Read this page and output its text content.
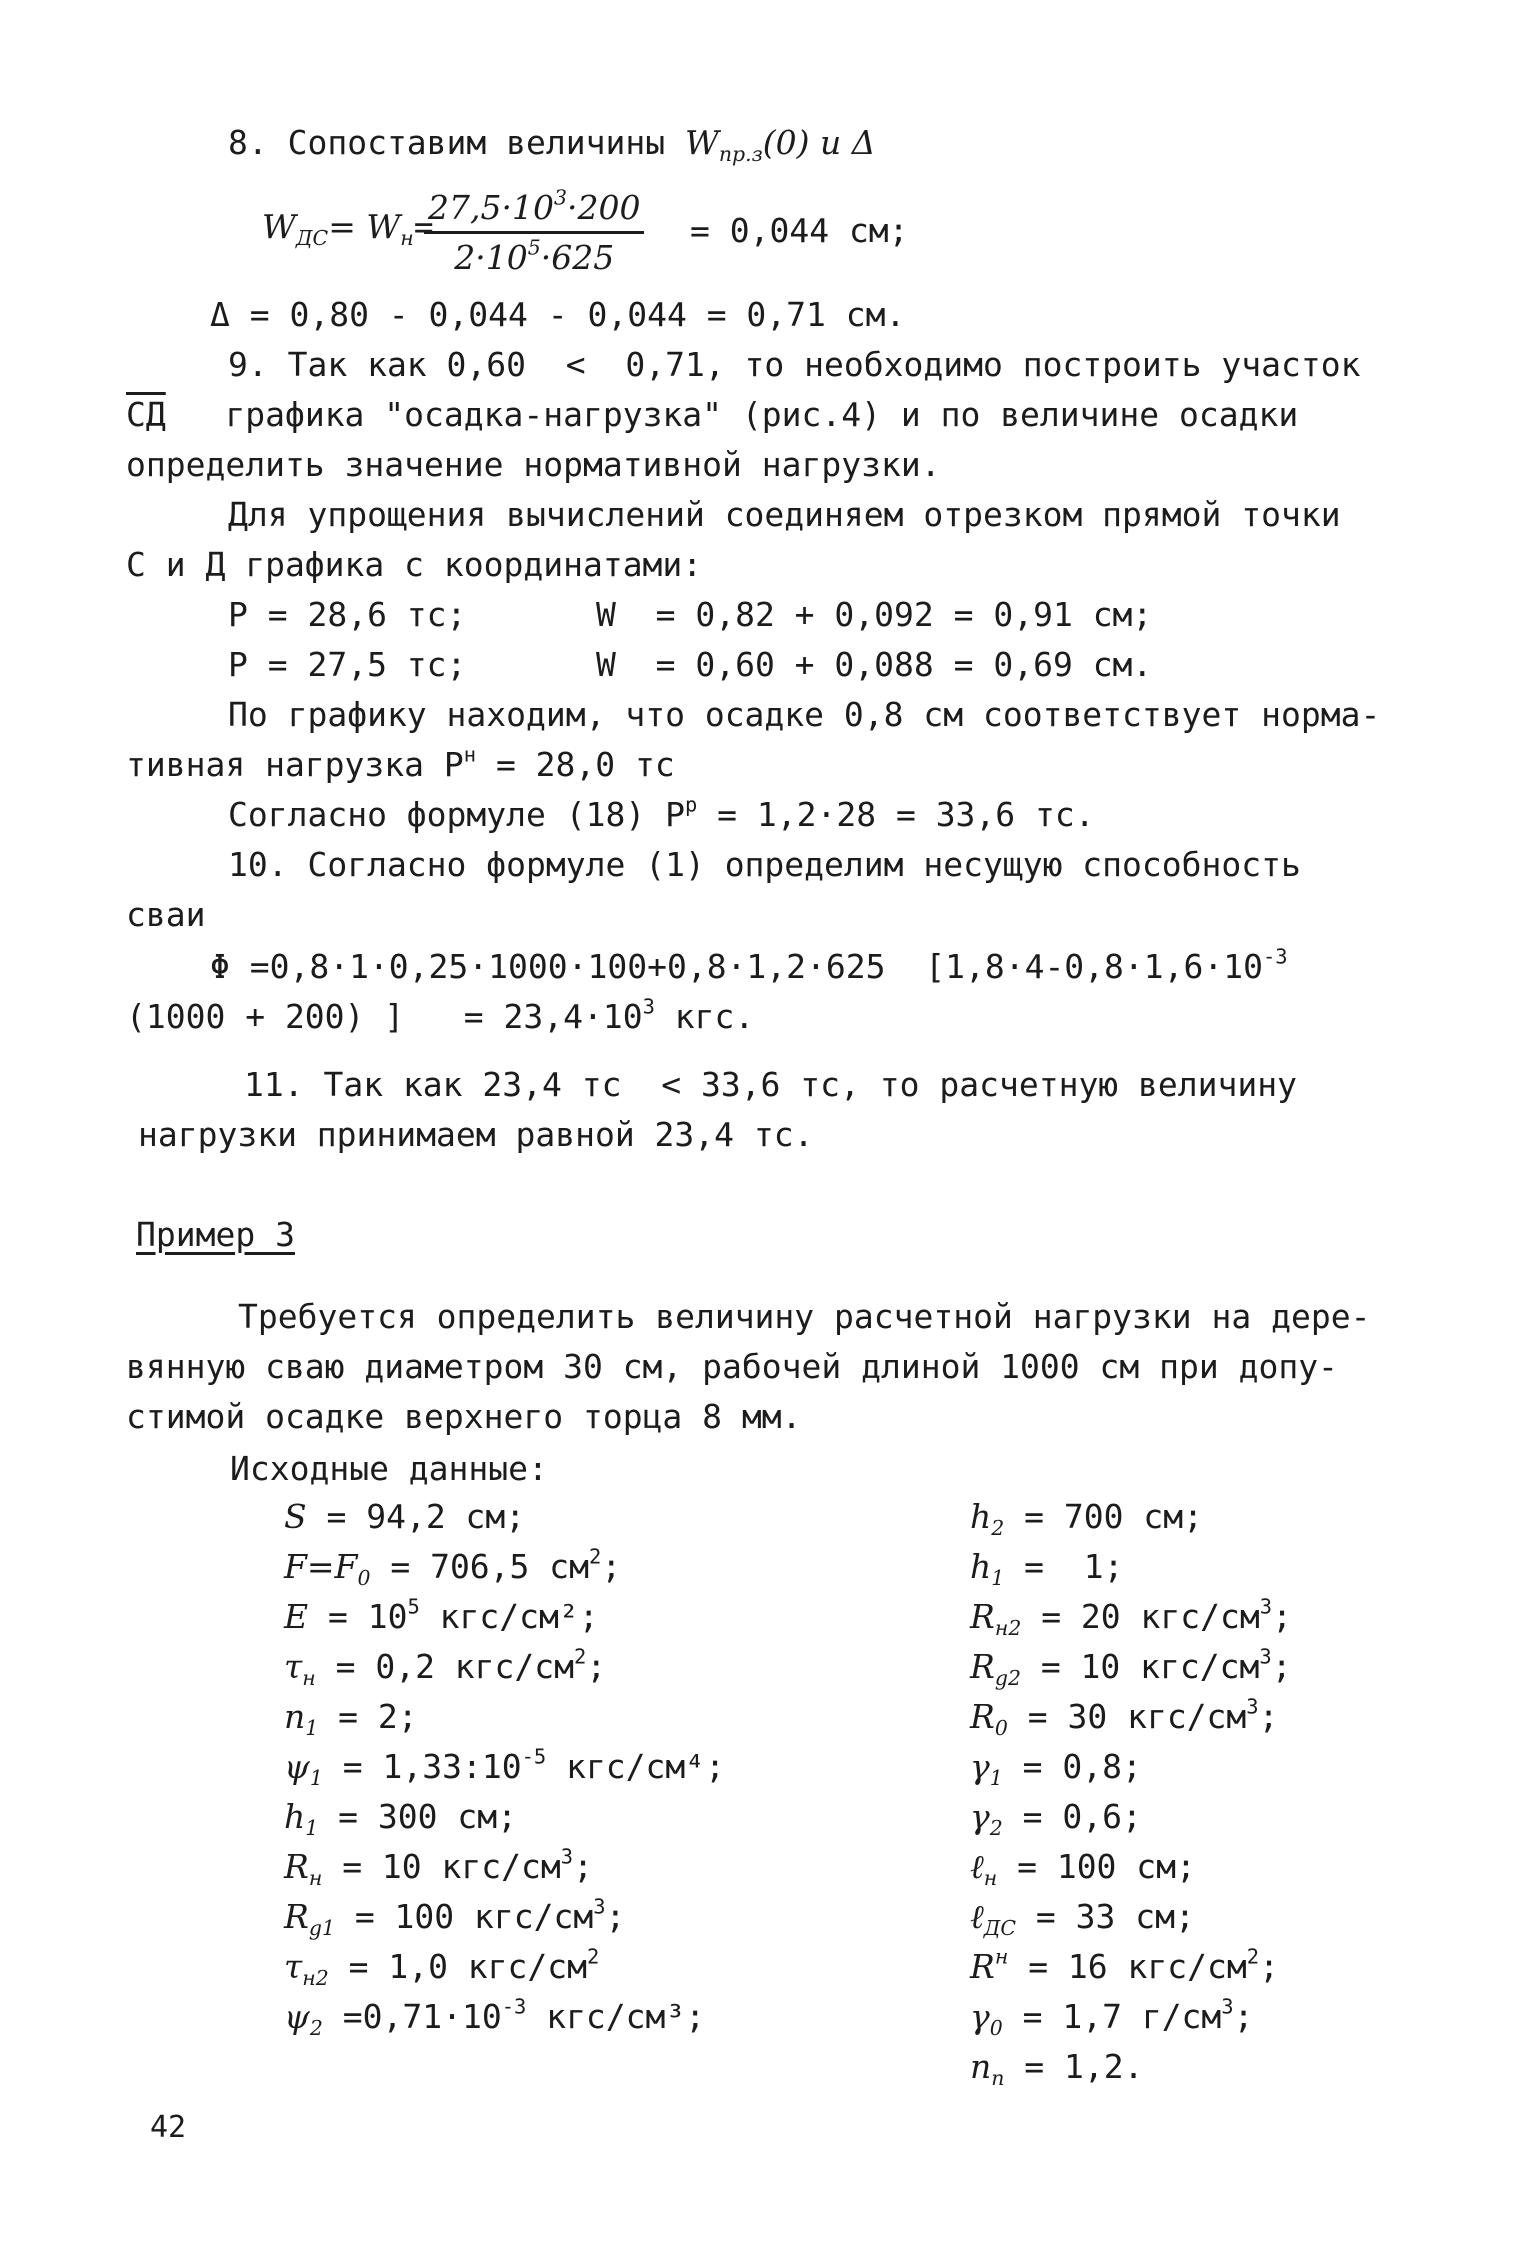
8. Сопоставим величины $W_{пр.з}(0)$ и Δ
$W_{ДС}= W_н=$
$\frac{27,5\cdot 10^3\cdot 200}{2\cdot 10^5\cdot 625} = 0,044$ см;
Δ = 0,80 - 0,044 - 0,044 = 0,71 см.
9. Так как 0,60  <  0,71, то необходимо построить участок
СД   графика "осадка-нагрузка" (рис.4) и по величине осадки
определить значение нормативной нагрузки.
Для упрощения вычислений соединяем отрезком прямой точки
С и Д графика с координатами:
P = 28,6 тс;	W  = 0,82 + 0,092 = 0,91 см;
P = 27,5 тс;	W  = 0,60 + 0,088 = 0,69 см.
По графику находим, что осадке 0,8 см соответствует норма-
тивная нагрузка $P^н = 28,0$ тс
Согласно формуле (18) $P^р = 1,2\cdot 28 = 33,6$ тс.
10. Согласно формуле (1) определим несущую способность
сваи
Φ =0,8·1·0,25·1000·100+0,8·1,2·625  [$1,8\cdot 4-0,8\cdot 1,6\cdot 10^{-3}$
(1000 + 200) ]   = $23,4\cdot 10^3$ кгс.
11. Так как 23,4 тс  < 33,6 тс, то расчетную величину
нагрузки принимаем равной 23,4 тс.
Пример 3
Требуется определить величину расчетной нагрузки на дере-
вянную сваю диаметром 30 см, рабочей длиной 1000 см при допу-
стимой осадке верхнего торца 8 мм.
Исходные данные:
S = 94,2 см;
$F=F_0 = 706,5$ $см^2$;
$E = 10^5$ кгс/см²;
$\tau_н = 0,2$ кгс/$см^2$;
$n_1 = 2$;
$\psi_1$ = $1,33:10^{-5}$ кгс/см⁴;
$h_1 = 300$ см;
$R_н = 10$ кгс/$см^3$;
$R_{g1} = 100$ кгс/$см^3$;
$\tau_{н2} = 1,0$ кгс/$см^2$
$\psi_2 =0,71\cdot 10^{-3}$ кгс/см³;
$h_2 = 700$ см;
$h_1 = 1$;
$R_{н2} = 20$ кгс/$см^3$;
$R_{g2} = 10$ кгс/$см^3$;
$R_0 = 30$ кгс/$см^3$;
$\gamma_1 = 0,8$;
$\gamma_2 = 0,6$;
ℓ$_н$ = 100 см;
ℓ$_{ДС}$ = 33 см;
$R^н = 16$ кгс/$см^2$;
$\gamma_0 = 1,7$ $г/см^3$;
$n_п = 1,2$.
42
